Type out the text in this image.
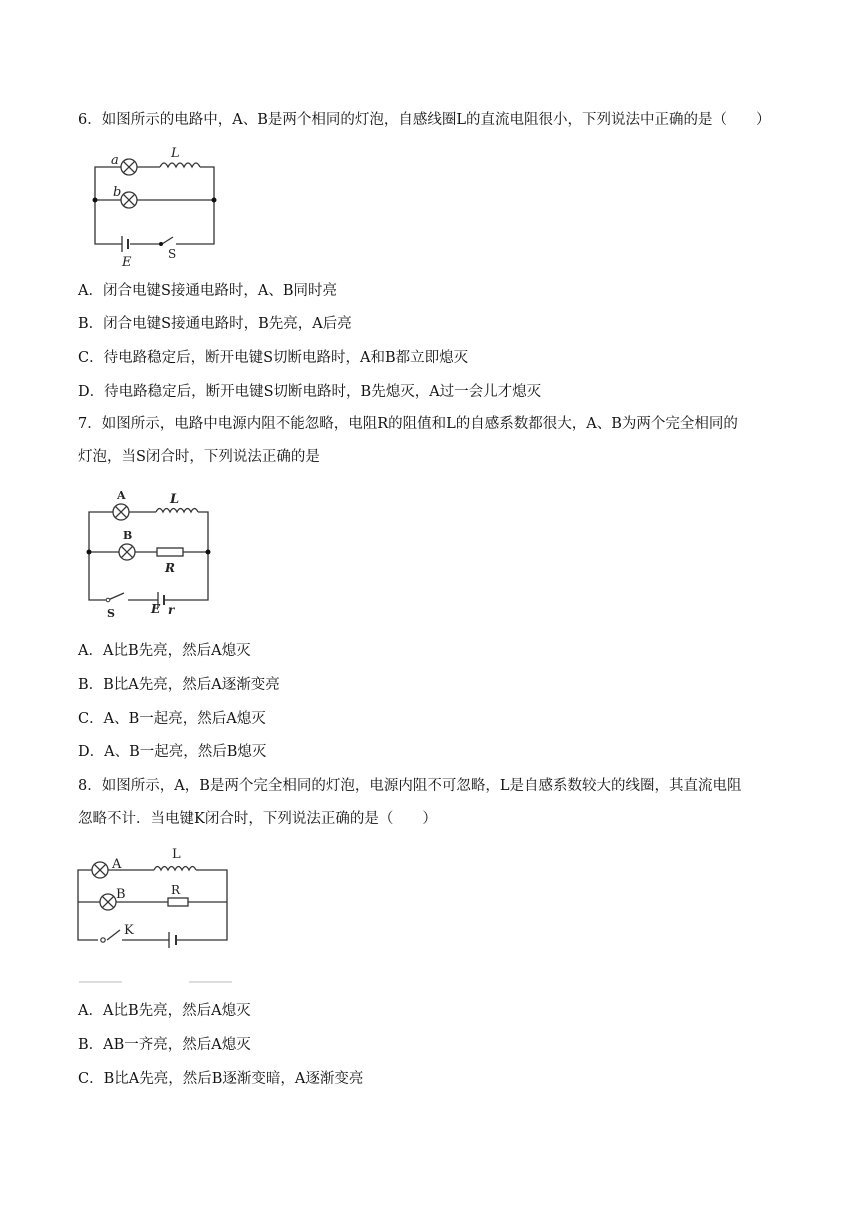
6．如图所示的电路中，A、B是两个相同的灯泡，自感线圈L的直流电阻很小，下列说法中正确的是（　　）
a	L
b
E
S
A．闭合电键S接通电路时，A、B同时亮
B．闭合电键S接通电路时，B先亮，A后亮
C．待电路稳定后，断开电键S切断电路时，A和B都立即熄灭
D．待电路稳定后，断开电键S切断电路时，B先熄灭，A过一会儿才熄灭
7．如图所示，电路中电源内阻不能忽略，电阻R的阻值和L的自感系数都很大，A、B为两个完全相同的
灯泡，当S闭合时，下列说法正确的是
A	L
B
R
S	E r
A．A比B先亮，然后A熄灭
B．B比A先亮，然后A逐渐变亮
C．A、B一起亮，然后A熄灭
D．A、B一起亮，然后B熄灭
8．如图所示，A，B是两个完全相同的灯泡，电源内阻不可忽略，L是自感系数较大的线圈，其直流电阻
忽略不计．当电键K闭合时，下列说法正确的是（　　）
A
L
B	R
K
A．A比B先亮，然后A熄灭
B．AB一齐亮，然后A熄灭
C．B比A先亮，然后B逐渐变暗，A逐渐变亮
